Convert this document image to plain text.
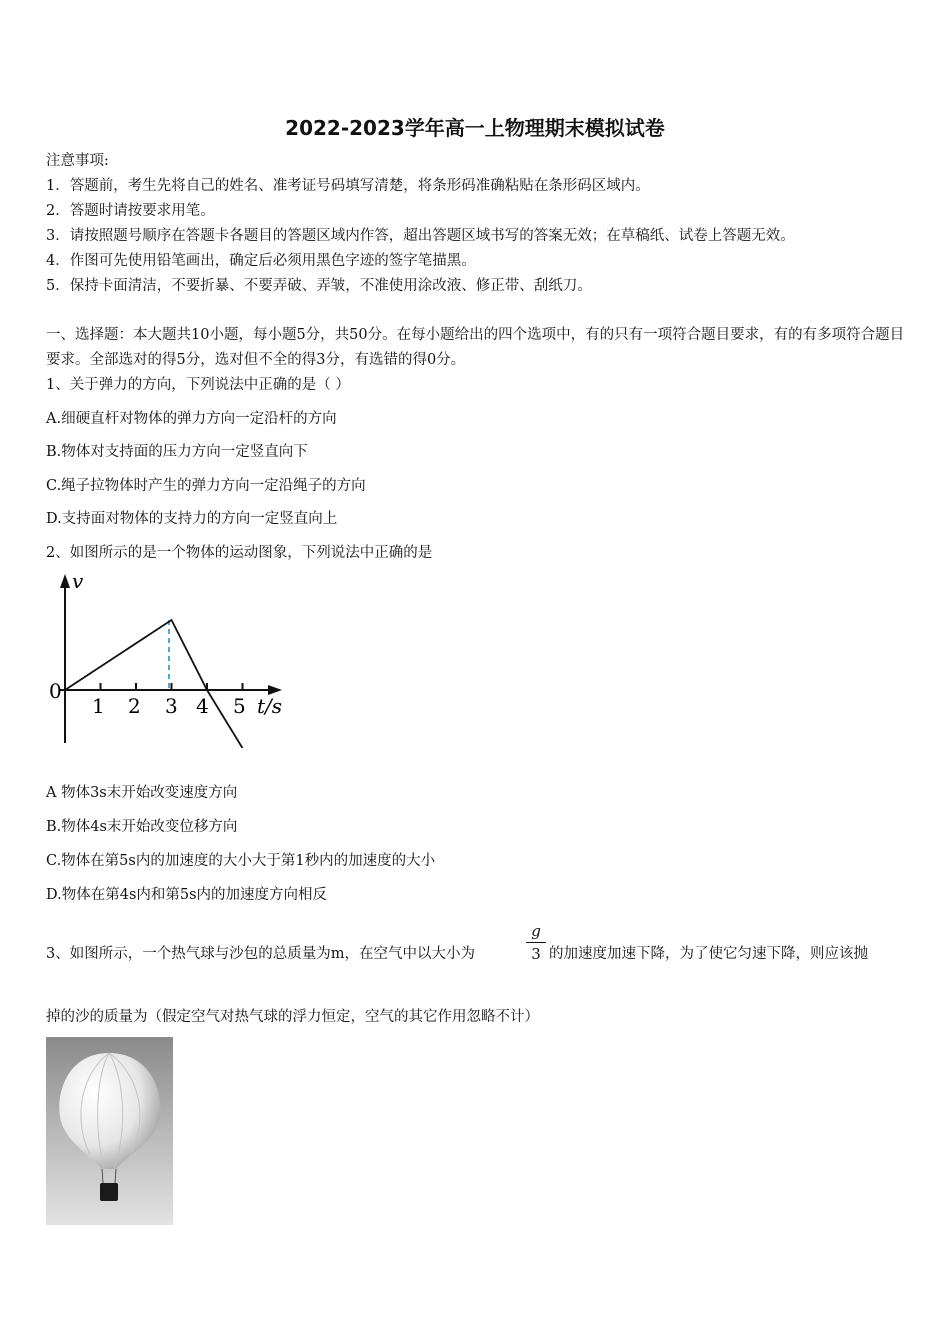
2022-2023学年高一上物理期末模拟试卷
注意事项:
1．答题前，考生先将自己的姓名、准考证号码填写清楚，将条形码准确粘贴在条形码区域内。
2．答题时请按要求用笔。
3．请按照题号顺序在答题卡各题目的答题区域内作答，超出答题区域书写的答案无效；在草稿纸、试卷上答题无效。
4．作图可先使用铅笔画出，确定后必须用黑色字迹的签字笔描黑。
5．保持卡面清洁，不要折暴、不要弄破、弄皱，不准使用涂改液、修正带、刮纸刀。
一、选择题：本大题共10小题，每小题5分，共50分。在每小题给出的四个选项中，有的只有一项符合题目要求，有的有多项符合题目要求。全部选对的得5分，选对但不全的得3分，有选错的得0分。
1、关于弹力的方向，下列说法中正确的是（ ）
A.细硬直杆对物体的弹力方向一定沿杆的方向
B.物体对支持面的压力方向一定竖直向下
C.绳子拉物体时产生的弹力方向一定沿绳子的方向
D.支持面对物体的支持力的方向一定竖直向上
2、如图所示的是一个物体的运动图象，下列说法中正确的是
v
0
1 2 3 4 5 t/s
A 物体3s末开始改变速度方向
B.物体4s末开始改变位移方向
C.物体在第5s内的加速度的大小大于第1秒内的加速度的大小
D.物体在第4s内和第5s内的加速度方向相反
3、如图所示，一个热气球与沙包的总质量为m，在空气中以大小为
g
3 的加速度加速下降，为了使它匀速下降，则应该抛
掉的沙的质量为（假定空气对热气球的浮力恒定，空气的其它作用忽略不计）
